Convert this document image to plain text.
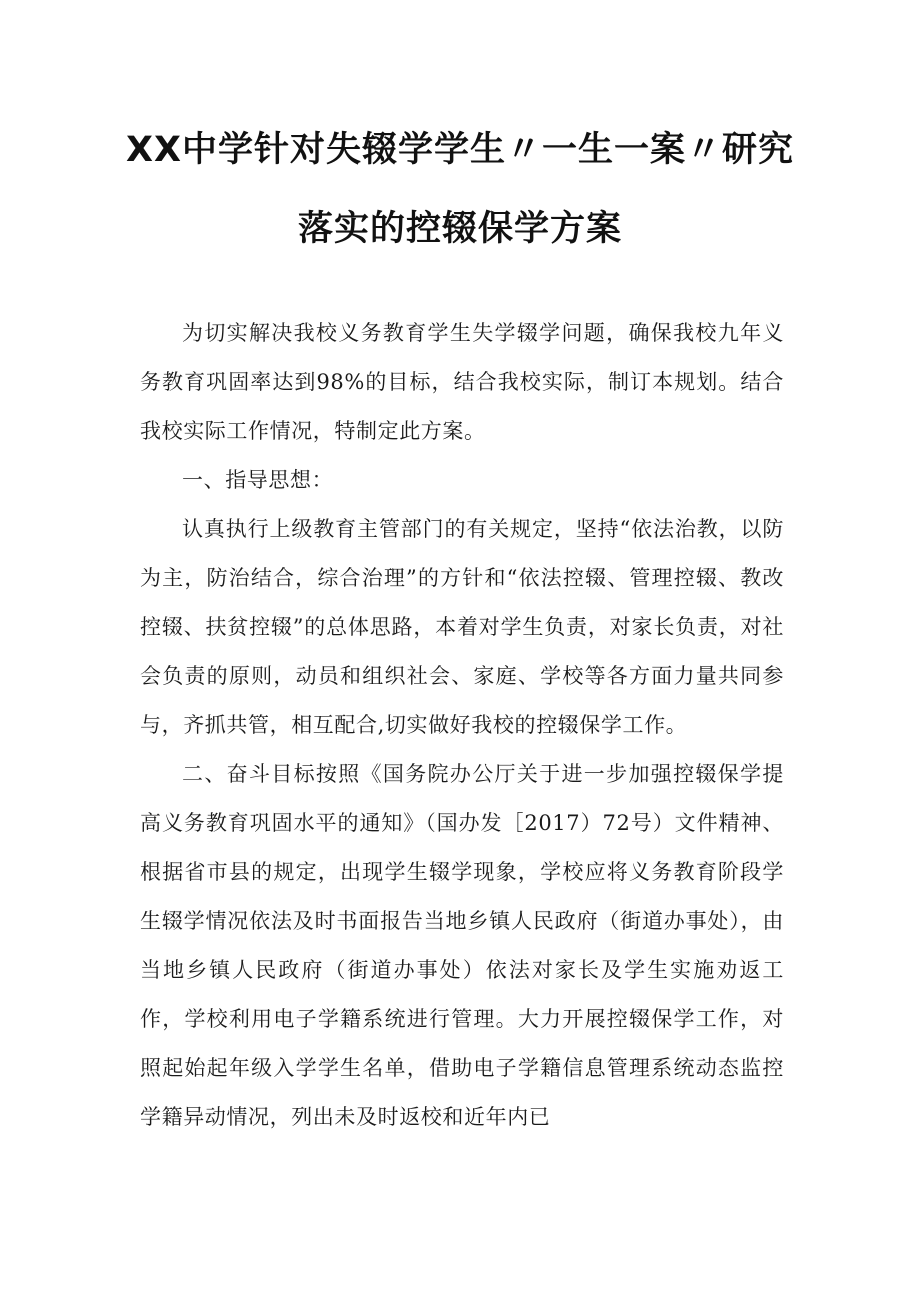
XX中学针对失辍学学生〃一生一案〃研究
落实的控辍保学方案

为切实解决我校义务教育学生失学辍学问题，确保我校九年义务教育巩固率达到98%的目标，结合我校实际，制订本规划。结合我校实际工作情况，特制定此方案。

一、指导思想：

认真执行上级教育主管部门的有关规定，坚持“依法治教，以防为主，防治结合，综合治理”的方针和“依法控辍、管理控辍、教改控辍、扶贫控辍”的总体思路，本着对学生负责，对家长负责，对社会负责的原则，动员和组织社会、家庭、学校等各方面力量共同参与，齐抓共管，相互配合,切实做好我校的控辍保学工作。

二、奋斗目标按照《国务院办公厅关于进一步加强控辍保学提高义务教育巩固水平的通知》（国办发［2017）72号）文件精神、根据省市县的规定，出现学生辍学现象，学校应将义务教育阶段学生辍学情况依法及时书面报告当地乡镇人民政府（街道办事处），由当地乡镇人民政府（街道办事处）依法对家长及学生实施劝返工作，学校利用电子学籍系统进行管理。大力开展控辍保学工作，对照起始起年级入学学生名单，借助电子学籍信息管理系统动态监控学籍异动情况，列出未及时返校和近年内已
